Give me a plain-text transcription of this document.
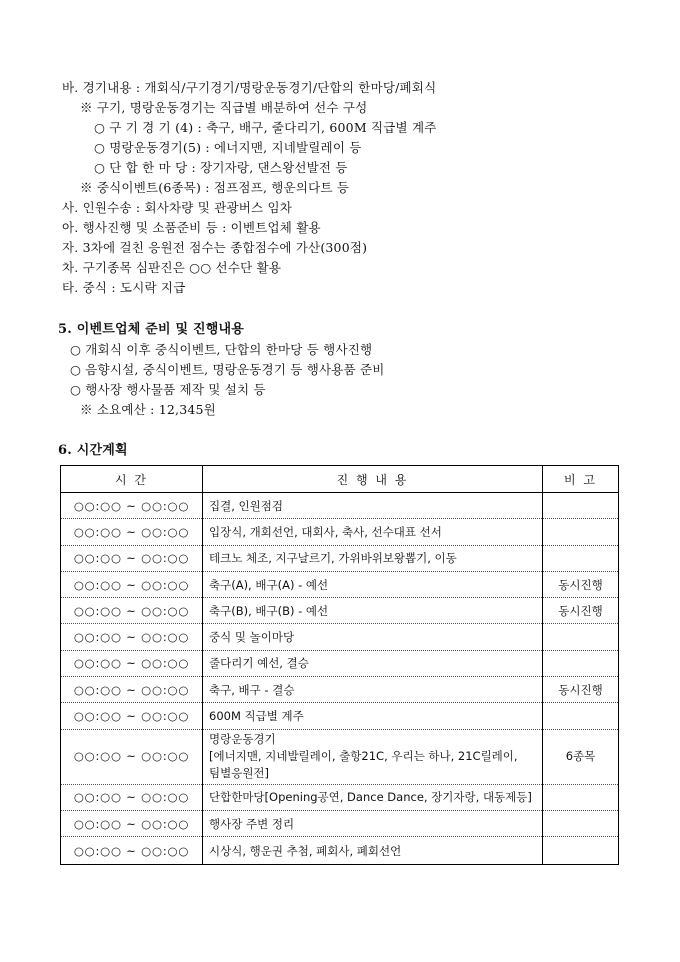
바. 경기내용 : 개회식/구기경기/명랑운동경기/단합의 한마당/폐회식
※ 구기, 명랑운동경기는 직급별 배분하여 선수 구성
○ 구 기 경 기 (4) : 축구, 배구, 줄다리기, 600M 직급별 계주
○ 명랑운동경기(5) : 에너지맨, 지네발릴레이 등
○ 단 합 한 마 당 : 장기자랑, 댄스왕선발전 등
※ 중식이벤트(6종목) : 점프점프, 행운의다트 등
사. 인원수송 : 회사차량 및 관광버스 임차
아. 행사진행 및 소품준비 등 : 이벤트업체 활용
자. 3차에 걸친 응원전 점수는 종합점수에 가산(300점)
차. 구기종목 심판진은 ○○ 선수단 활용
타. 중식 : 도시락 지급
5. 이벤트업체 준비 및 진행내용
○ 개회식 이후 중식이벤트, 단합의 한마당 등 행사진행
○ 음향시설, 중식이벤트, 명랑운동경기 등 행사용품 준비
○ 행사장 행사물품 제작 및 설치 등
※ 소요예산 : 12,345원
6. 시간계획
시 간	진 행 내 용	비 고
○○:○○ ~ ○○:○○	집결, 인원점검	
○○:○○ ~ ○○:○○	입장식, 개회선언, 대회사, 축사, 선수대표 선서	
○○:○○ ~ ○○:○○	테크노 체조, 지구날르기, 가위바위보왕뽑기, 이동	
○○:○○ ~ ○○:○○	축구(A), 배구(A) - 예선	동시진행
○○:○○ ~ ○○:○○	축구(B), 배구(B) - 예선	동시진행
○○:○○ ~ ○○:○○	중식 및 놀이마당	
○○:○○ ~ ○○:○○	줄다리기 예선, 결승	
○○:○○ ~ ○○:○○	축구, 배구 - 결승	동시진행
○○:○○ ~ ○○:○○	600M 직급별 계주	
○○:○○ ~ ○○:○○	명랑운동경기
[에너지맨, 지네발릴레이, 출항21C, 우리는 하나, 21C릴레이,
팀별응원전]	6종목
○○:○○ ~ ○○:○○	단합한마당[Opening공연, Dance Dance, 장기자랑, 대동제등]	
○○:○○ ~ ○○:○○	행사장 주변 정리	
○○:○○ ~ ○○:○○	시상식, 행운권 추첨, 폐회사, 폐회선언	
